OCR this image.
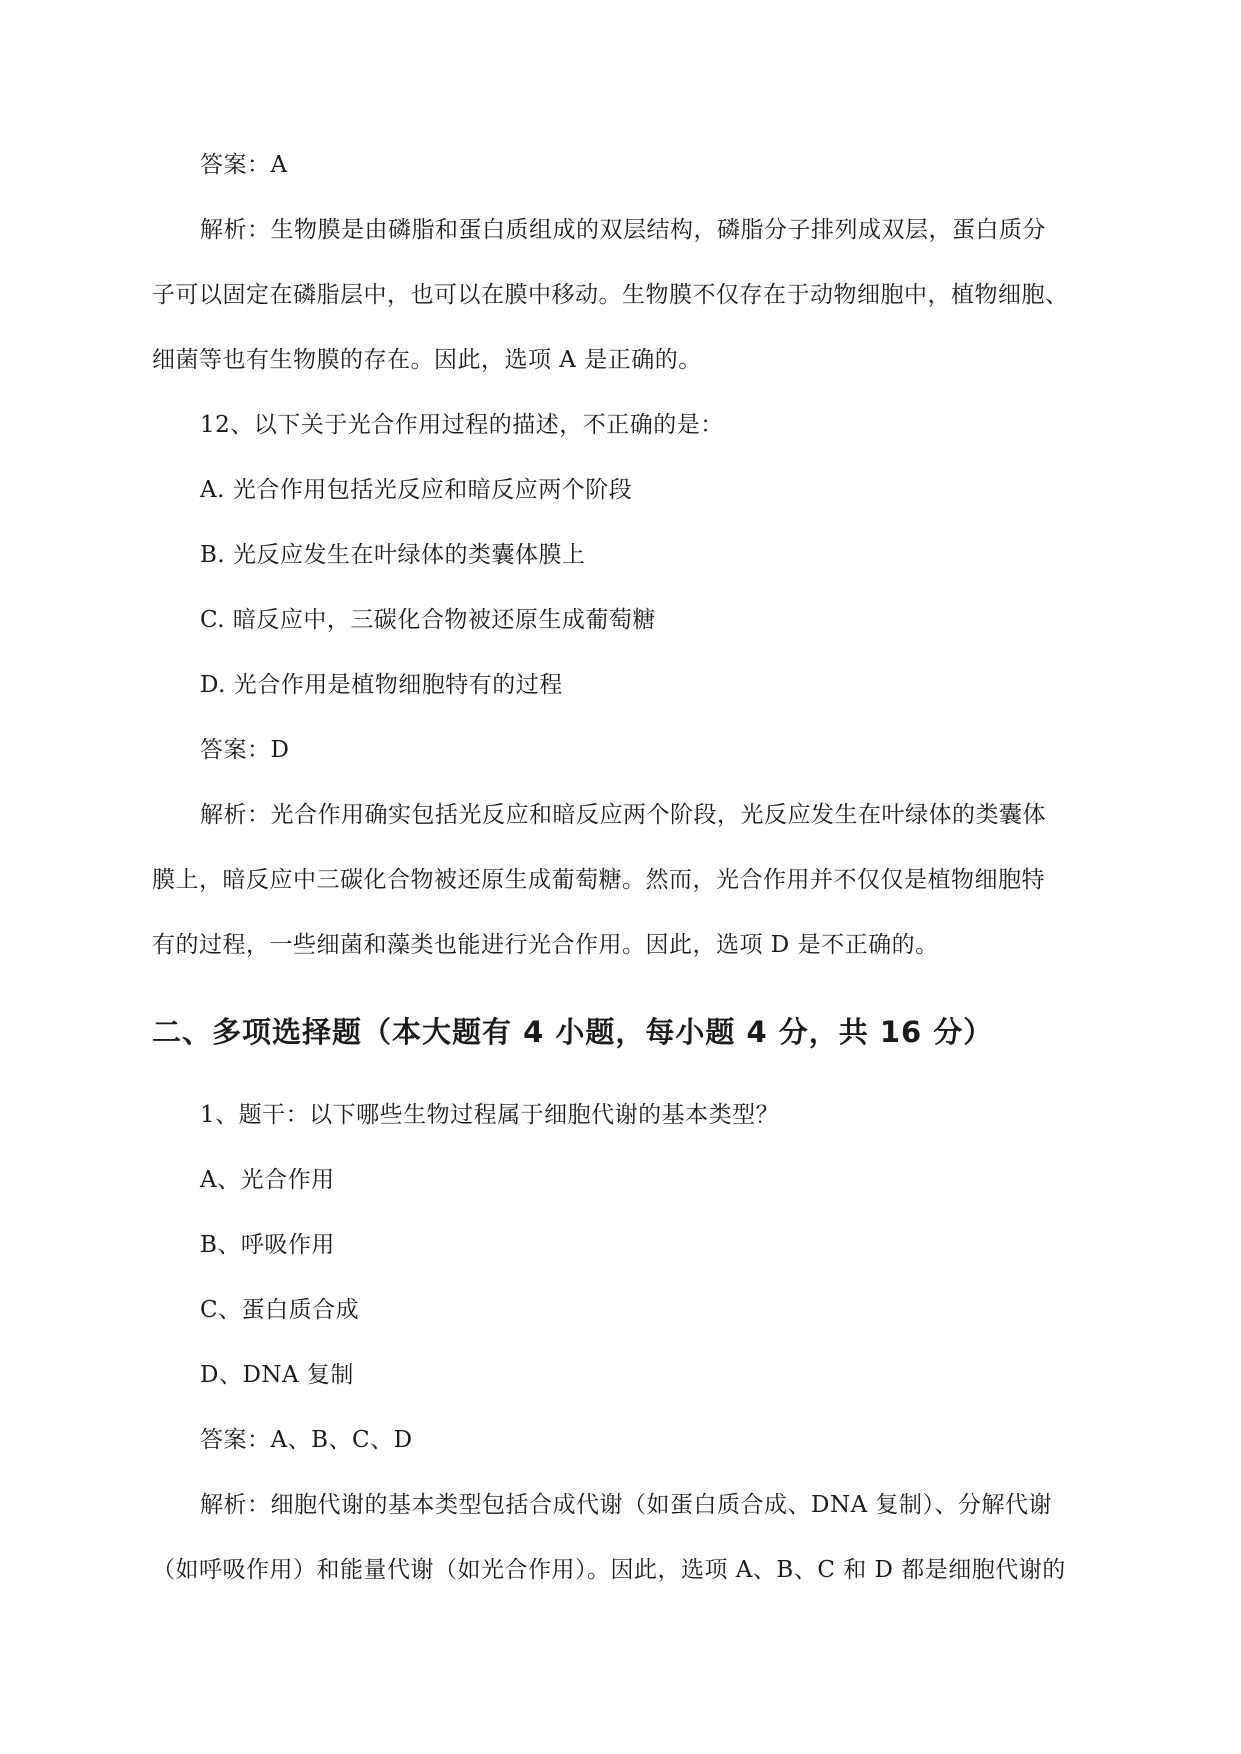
答案：A
解析：生物膜是由磷脂和蛋白质组成的双层结构，磷脂分子排列成双层，蛋白质分
子可以固定在磷脂层中，也可以在膜中移动。生物膜不仅存在于动物细胞中，植物细胞、
细菌等也有生物膜的存在。因此，选项 A 是正确的。
12、以下关于光合作用过程的描述，不正确的是：
A. 光合作用包括光反应和暗反应两个阶段
B. 光反应发生在叶绿体的类囊体膜上
C. 暗反应中，三碳化合物被还原生成葡萄糖
D. 光合作用是植物细胞特有的过程
答案：D
解析：光合作用确实包括光反应和暗反应两个阶段，光反应发生在叶绿体的类囊体
膜上，暗反应中三碳化合物被还原生成葡萄糖。然而，光合作用并不仅仅是植物细胞特
有的过程，一些细菌和藻类也能进行光合作用。因此，选项 D 是不正确的。
二、多项选择题（本大题有 4 小题，每小题 4 分，共 16 分）
1、题干：以下哪些生物过程属于细胞代谢的基本类型？
A、光合作用
B、呼吸作用
C、蛋白质合成
D、DNA 复制
答案：A、B、C、D
解析：细胞代谢的基本类型包括合成代谢（如蛋白质合成、DNA 复制）、分解代谢
（如呼吸作用）和能量代谢（如光合作用）。因此，选项 A、B、C 和 D 都是细胞代谢的
